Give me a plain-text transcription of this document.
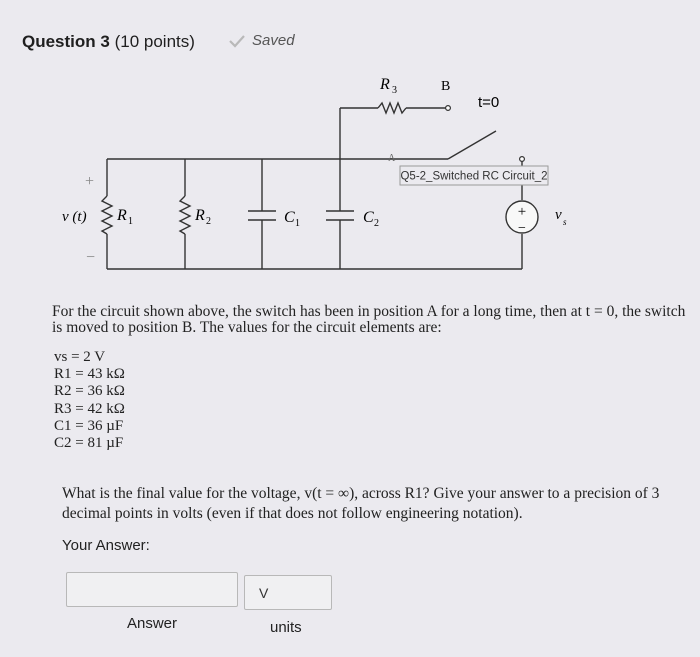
Question 3 (10 points)	Saved
+
−
Q5-2_Switched RC Circuit_2
R 3	B
t=0
A
+
−
v (t) R 1	R 2	C 1	C 2
v s
For the circuit shown above, the switch has been in position A for a long time, then at t = 0, the switch is moved to position B. The values for the circuit elements are:
vs = 2 V
R1 = 43 kΩ
R2 = 36 kΩ
R3 = 42 kΩ
C1 = 36 µF
C2 = 81 µF
What is the final value for the voltage, v(t = ∞), across R1? Give your answer to a precision of 3 decimal points in volts (even if that does not follow engineering notation).
Your Answer:
V
Answer	units
